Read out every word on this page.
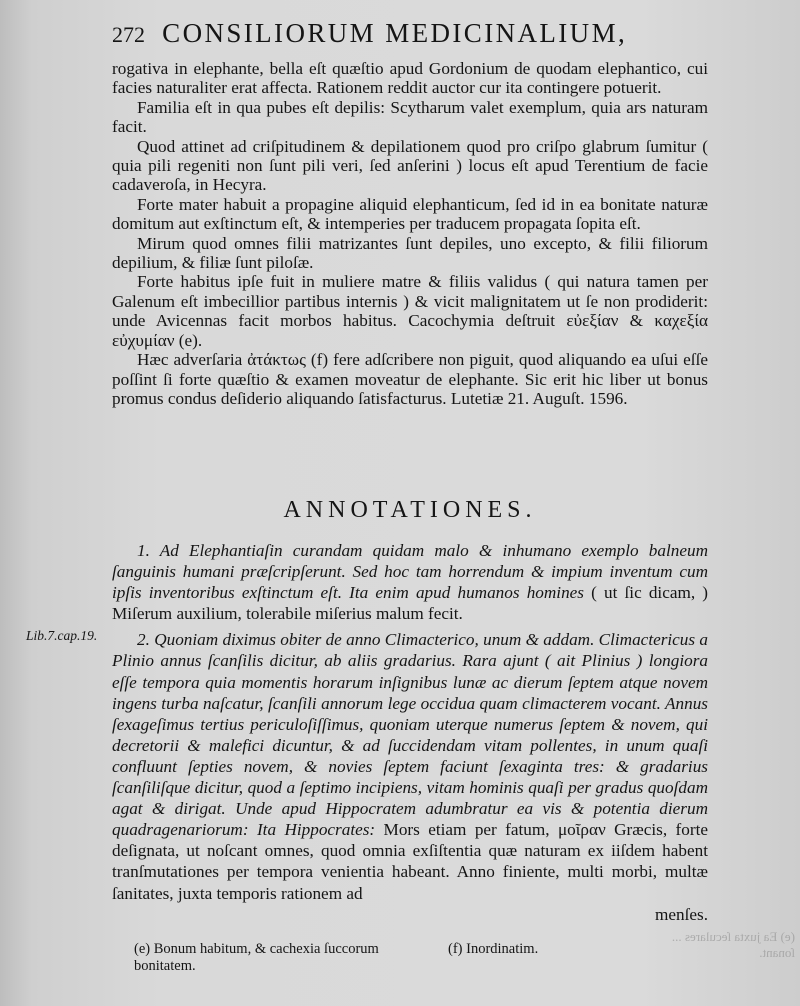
272 CONSILIORUM MEDICINALIUM,

rogativa in elephante, bella eſt quæſtio apud Gordonium de quodam elephantico, cui facies naturaliter erat affecta. Rationem reddit auctor cur ita contingere potuerit.

Familia eſt in qua pubes eſt depilis: Scytharum valet exemplum, quia ars naturam facit.

Quod attinet ad criſpitudinem & depilationem quod pro criſpo glabrum ſumitur ( quia pili regeniti non ſunt pili veri, ſed anſerini ) locus eſt apud Terentium de facie cadaveroſa, in Hecyra.

Forte mater habuit a propagine aliquid elephanticum, ſed id in ea bonitate naturæ domitum aut exſtinctum eſt, & intemperies per traducem propagata ſopita eſt.

Mirum quod omnes filii matrizantes ſunt depiles, uno excepto, & filii filiorum depilium, & filiæ ſunt piloſæ.

Forte habitus ipſe fuit in muliere matre & filiis validus ( qui natura tamen per Galenum eſt imbecillior partibus internis ) & vicit malignitatem ut ſe non prodiderit: unde Avicennas facit morbos habitus. Cacochymia deſtruit εὐεξίαν & καχεξία εὐχυμίαν (e).

Hæc adverſaria ἀτάκτως (f) fere adſcribere non piguit, quod aliquando ea uſui eſſe poſſint ſi forte quæſtio & examen moveatur de elephante. Sic erit hic liber ut bonus promus condus deſiderio aliquando ſatisfacturus. Lutetiæ 21. Auguſt. 1596.

ANNOTATIONES.

1. Ad Elephantiaſin curandam quidam malo & inhumano exemplo balneum ſanguinis humani præſcripſerunt. Sed hoc tam horrendum & impium inventum cum ipſis inventoribus exſtinctum eſt. Ita enim apud humanos homines ( ut ſic dicam, ) Miſerum auxilium, tolerabile miſerius malum fecit.

2. Quoniam diximus obiter de anno Climacterico, unum & addam. Climactericus a Plinio annus ſcanſilis dicitur, ab aliis gradarius. Rara ajunt ( ait Plinius ) longiora eſſe tempora quia momentis horarum inſignibus lunæ ac dierum ſeptem atque novem ingens turba naſcatur, ſcanſili annorum lege occidua quam climacterem vocant. Annus ſexageſimus tertius periculoſiſſimus, quoniam uterque numerus ſeptem & novem, qui decretorii & malefici dicuntur, & ad ſuccidendam vitam pollentes, in unum quaſi confluunt ſepties novem, & novies ſeptem faciunt ſexaginta tres: & gradarius ſcanſiliſque dicitur, quod a ſeptimo incipiens, vitam hominis quaſi per gradus quoſdam agat & dirigat. Unde apud Hippocratem adumbratur ea vis & potentia dierum quadragenariorum: Ita Hippocrates: Mors etiam per fatum, μοῖραν Græcis, forte deſignata, ut noſcant omnes, quod omnia exſiſtentia quæ naturam ex iiſdem habent tranſmutationes per tempora venientia habeant. Anno finiente, multi morbi, multæ ſanitates, juxta temporis rationem ad
menſes.

Lib.7.cap.19.
(e) Bonum habitum, & cachexia ſuccorum bonitatem.
(f) Inordinatim.
(e) Ea juxta ſeculares ... ſonant.
